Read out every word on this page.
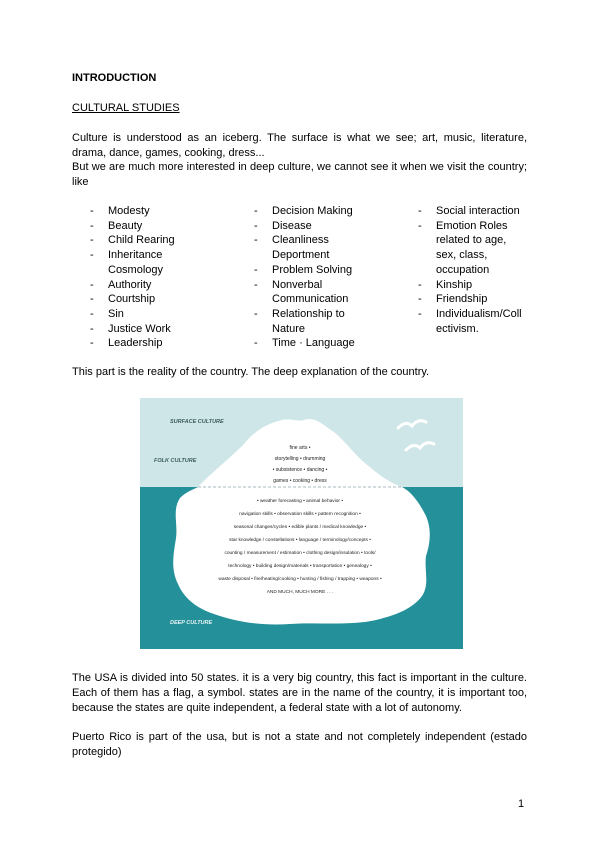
INTRODUCTION
CULTURAL STUDIES
Culture is understood as an iceberg. The surface is what we see; art, music, literature, drama, dance, games, cooking, dress...
But we are much more interested in deep culture, we cannot see it when we visit the country; like
- Modesty
- Beauty
- Child Rearing
- Inheritance
Cosmology
- Authority
- Courtship
- Sin
- Justice Work
- Leadership
- Decision Making
- Disease
- Cleanliness
Deportment
- Problem Solving
- Nonverbal
Communication
- Relationship to
Nature
- Time · Language
- Social interaction
- Emotion Roles
related to age,
sex, class,
occupation
- Kinship
- Friendship
- Individualism/Coll
ectivism.
This part is the reality of the country. The deep explanation of the country.
SURFACE CULTURE
FOLK CULTURE
DEEP CULTURE
fine arts •
storytelling • drumming
• subsistence • dancing •
games • cooking • dress
• weather forecasting • animal behavior •
navigation skills • observation skills • pattern recognition •
seasonal changes/cycles • edible plants / medical knowledge •
star knowledge / constellations • language / terminology/concepts •
counting / measurement / estimation • clothing design/insulation • tools/
technology • building design/materials • transportation • genealogy •
waste disposal • fire/heating/cooking • hunting / fishing / trapping • weapons •
AND MUCH, MUCH MORE . . .
The USA is divided into 50 states. it is a very big country, this fact is important in the culture. Each of them has a flag, a symbol. states are in the name of the country, it is important too, because the states are quite independent, a federal state with a lot of autonomy.
Puerto Rico is part of the usa, but is not a state and not completely independent (estado protegido)
1
